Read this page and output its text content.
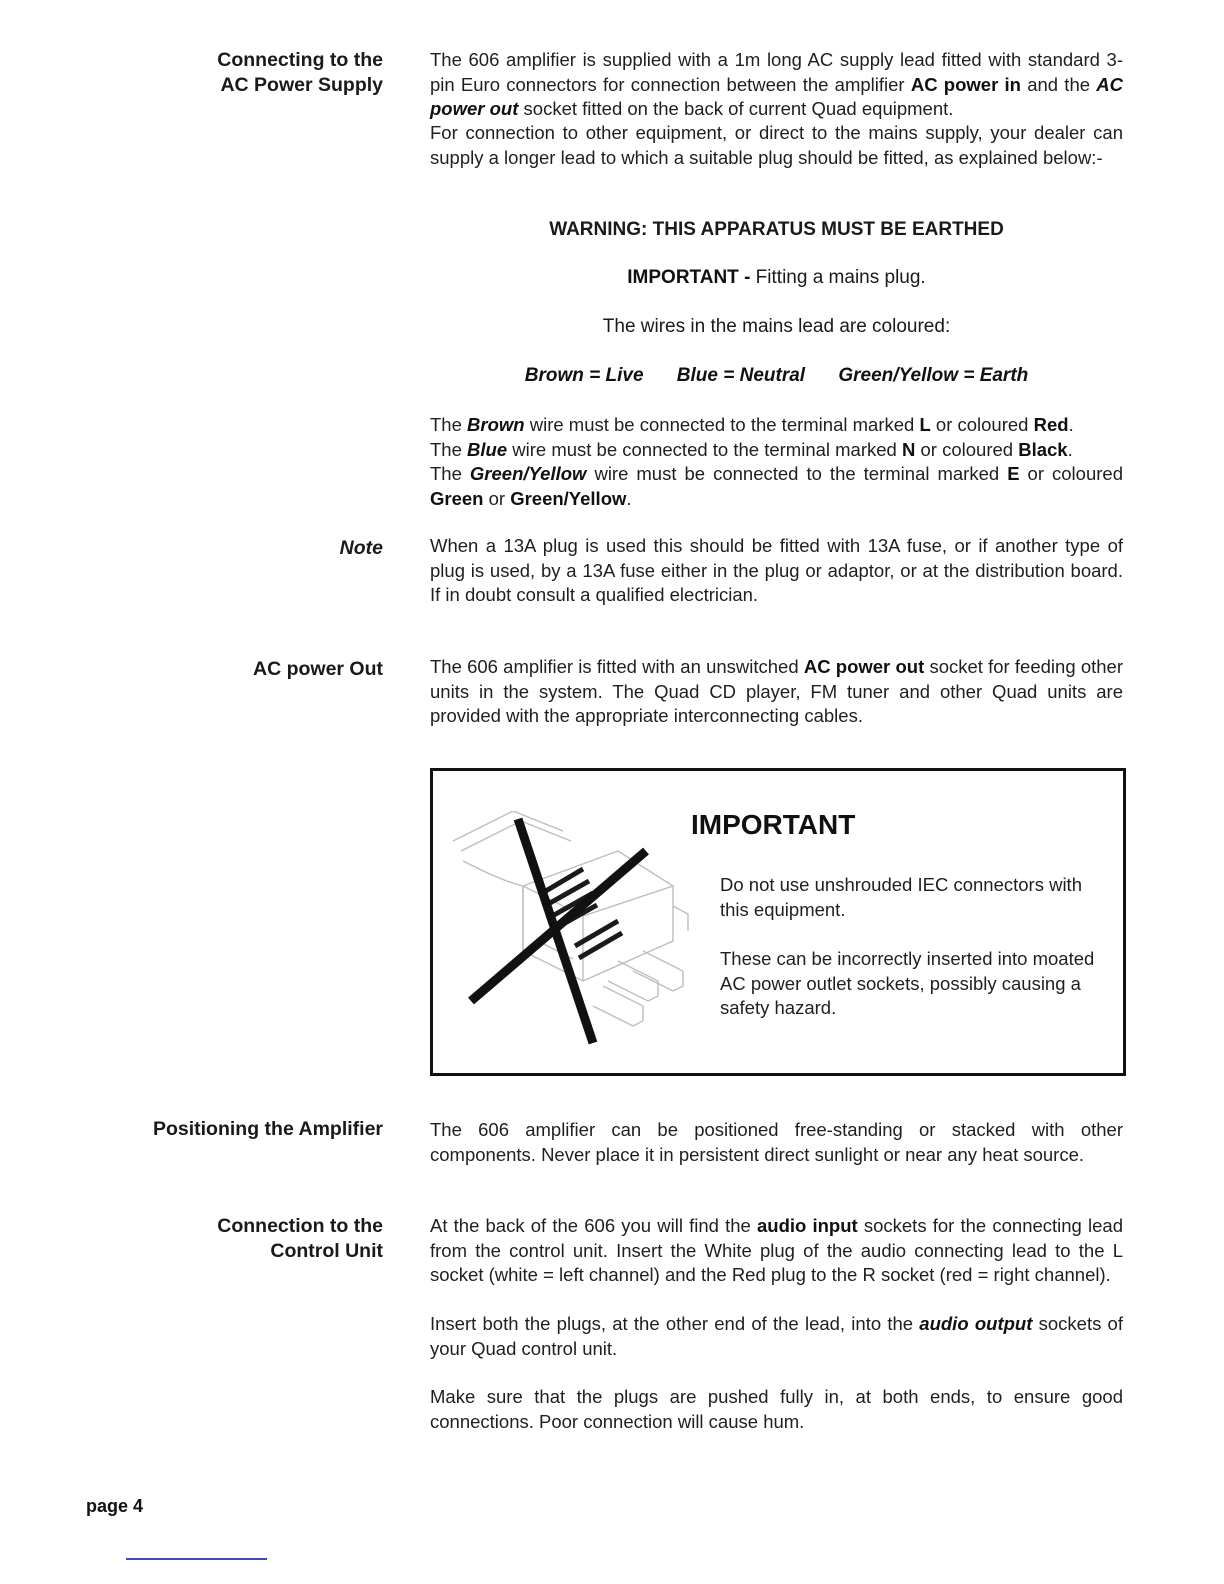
Connecting to the
AC Power Supply
The 606 amplifier is supplied with a 1m long AC supply lead fitted with standard 3-pin Euro connectors for connection between the amplifier AC power in and the AC power out socket fitted on the back of current Quad equipment.
For connection to other equipment, or direct to the mains supply, your dealer can supply a longer lead to which a suitable plug should be fitted, as explained below:-
WARNING: THIS APPARATUS MUST BE EARTHED
IMPORTANT - Fitting a mains plug.
The wires in the mains lead are coloured:
Brown = Live Blue = Neutral Green/Yellow = Earth
The Brown wire must be connected to the terminal marked L or coloured Red.
The Blue wire must be connected to the terminal marked N or coloured Black.
The Green/Yellow wire must be connected to the terminal marked E or coloured Green or Green/Yellow.
Note	When a 13A plug is used this should be fitted with 13A fuse, or if another type of plug is used, by a 13A fuse either in the plug or adaptor, or at the distribution board. If in doubt consult a qualified electrician.
AC power Out	The 606 amplifier is fitted with an unswitched AC power out socket for feeding other units in the system. The Quad CD player, FM tuner and other Quad units are provided with the appropriate interconnecting cables.
IMPORTANT
Do not use unshrouded IEC connectors with this equipment.
These can be incorrectly inserted into moated AC power outlet sockets, possibly causing a safety hazard.
Positioning the Amplifier	The 606 amplifier can be positioned free-standing or stacked with other components. Never place it in persistent direct sunlight or near any heat source.
Connection to the
Control Unit
At the back of the 606 you will find the audio input sockets for the connecting lead from the control unit. Insert the White plug of the audio connecting lead to the L socket (white = left channel) and the Red plug to the R socket (red = right channel).
Insert both the plugs, at the other end of the lead, into the audio output sockets of your Quad control unit.
Make sure that the plugs are pushed fully in, at both ends, to ensure good connections. Poor connection will cause hum.
page 4
